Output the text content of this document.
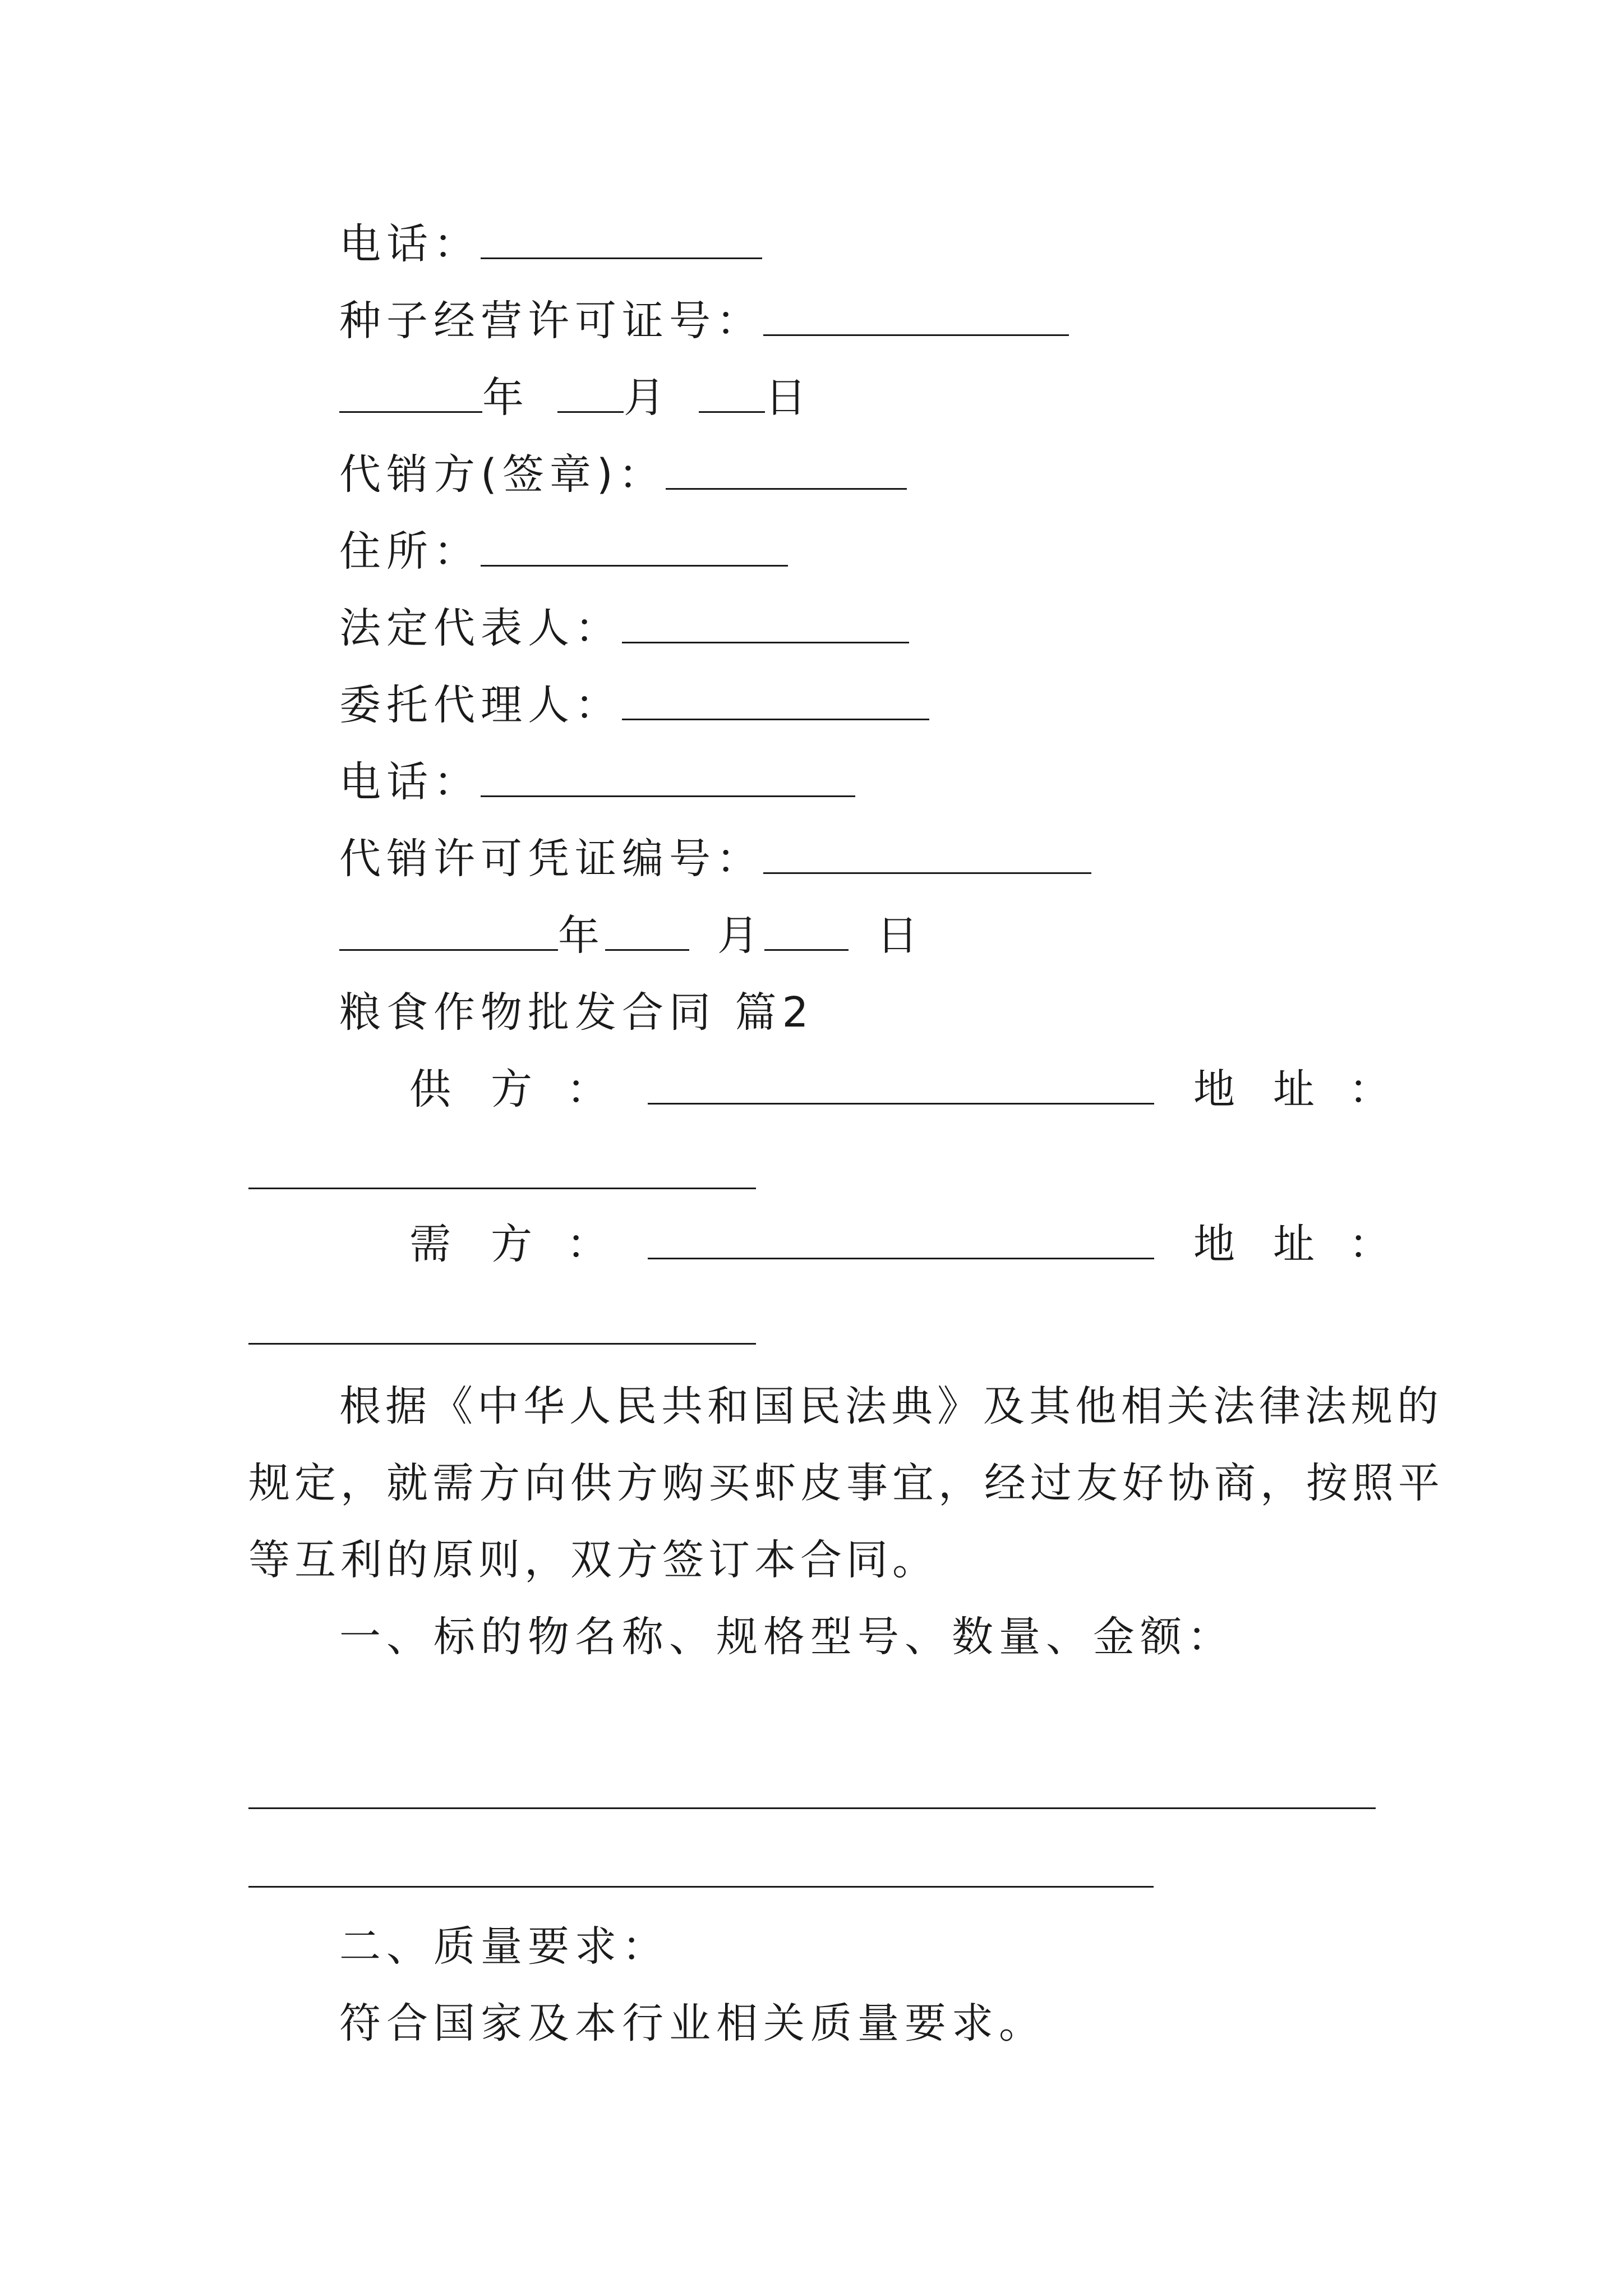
电话：
种子经营许可证号：
年 月 日
代销方(签章)：
住所：
法定代表人：
委托代理人：
电话：
代销许可凭证编号：
年	月	日
粮食作物批发合同 篇2
供 方 ：	地 址 ：
需 方 ：	地 址 ：
根据《中华人民共和国民法典》及其他相关法律法规的
规定，就需方向供方购买虾皮事宜，经过友好协商，按照平
等互利的原则，双方签订本合同。
一、标的物名称、规格型号、数量、金额：
二、质量要求：
符合国家及本行业相关质量要求。
